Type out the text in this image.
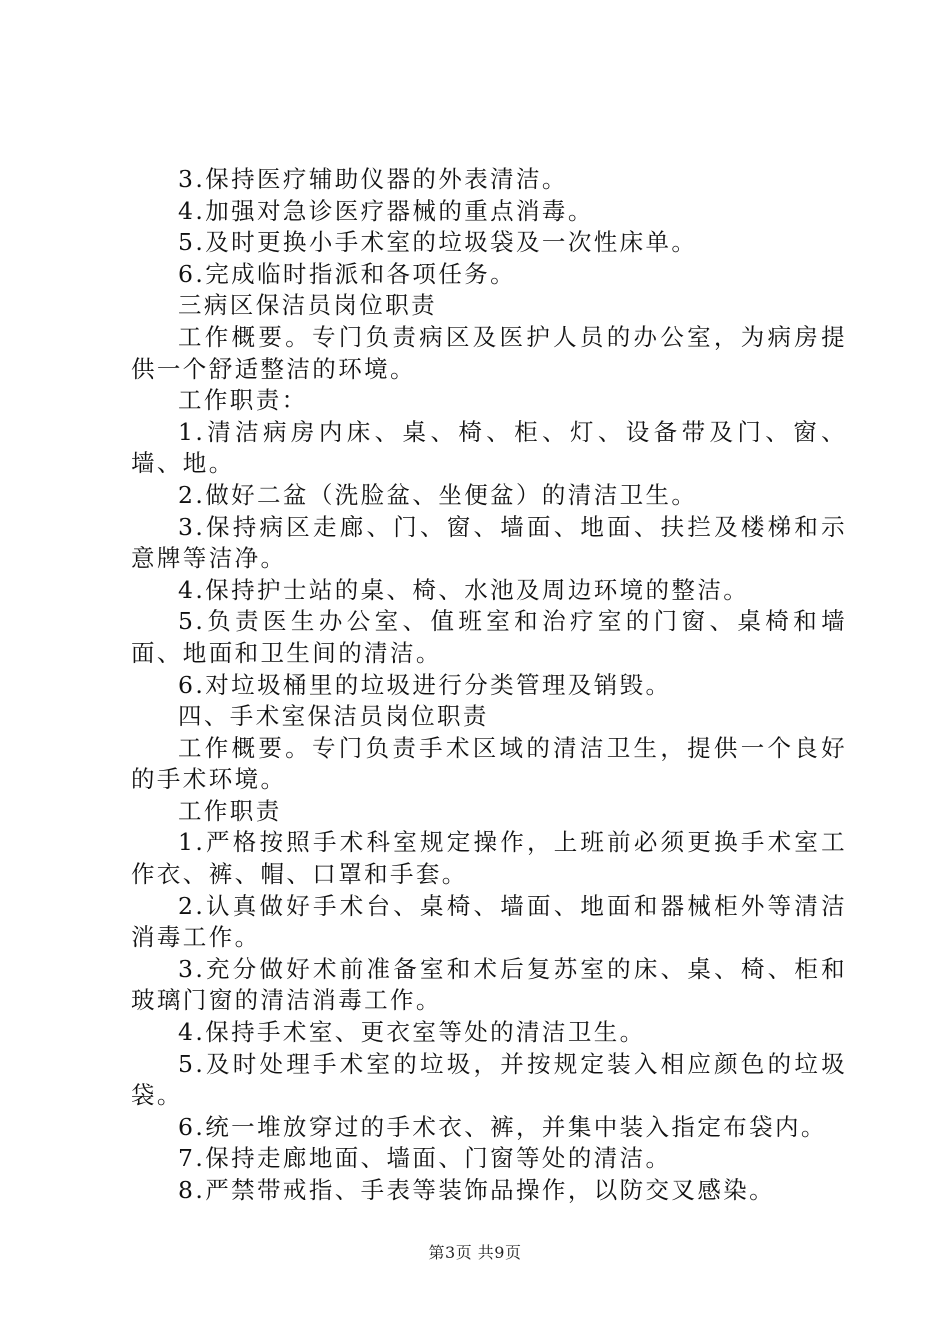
3.保持医疗辅助仪器的外表清洁。

4.加强对急诊医疗器械的重点消毒。

5.及时更换小手术室的垃圾袋及一次性床单。

6.完成临时指派和各项任务。

三病区保洁员岗位职责

工作概要。专门负责病区及医护人员的办公室，为病房提供一个舒适整洁的环境。

工作职责：

1.清洁病房内床、桌、椅、柜、灯、设备带及门、窗、墙、地。

2.做好二盆（洗脸盆、坐便盆）的清洁卫生。

3.保持病区走廊、门、窗、墙面、地面、扶拦及楼梯和示意牌等洁净。

4.保持护士站的桌、椅、水池及周边环境的整洁。

5.负责医生办公室、值班室和治疗室的门窗、桌椅和墙面、地面和卫生间的清洁。

6.对垃圾桶里的垃圾进行分类管理及销毁。

四、手术室保洁员岗位职责

工作概要。专门负责手术区域的清洁卫生，提供一个良好的手术环境。

工作职责

1.严格按照手术科室规定操作，上班前必须更换手术室工作衣、裤、帽、口罩和手套。

2.认真做好手术台、桌椅、墙面、地面和器械柜外等清洁消毒工作。

3.充分做好术前准备室和术后复苏室的床、桌、椅、柜和玻璃门窗的清洁消毒工作。

4.保持手术室、更衣室等处的清洁卫生。

5.及时处理手术室的垃圾，并按规定装入相应颜色的垃圾袋。

6.统一堆放穿过的手术衣、裤，并集中装入指定布袋内。

7.保持走廊地面、墙面、门窗等处的清洁。

8.严禁带戒指、手表等装饰品操作，以防交叉感染。

第3页 共9页
